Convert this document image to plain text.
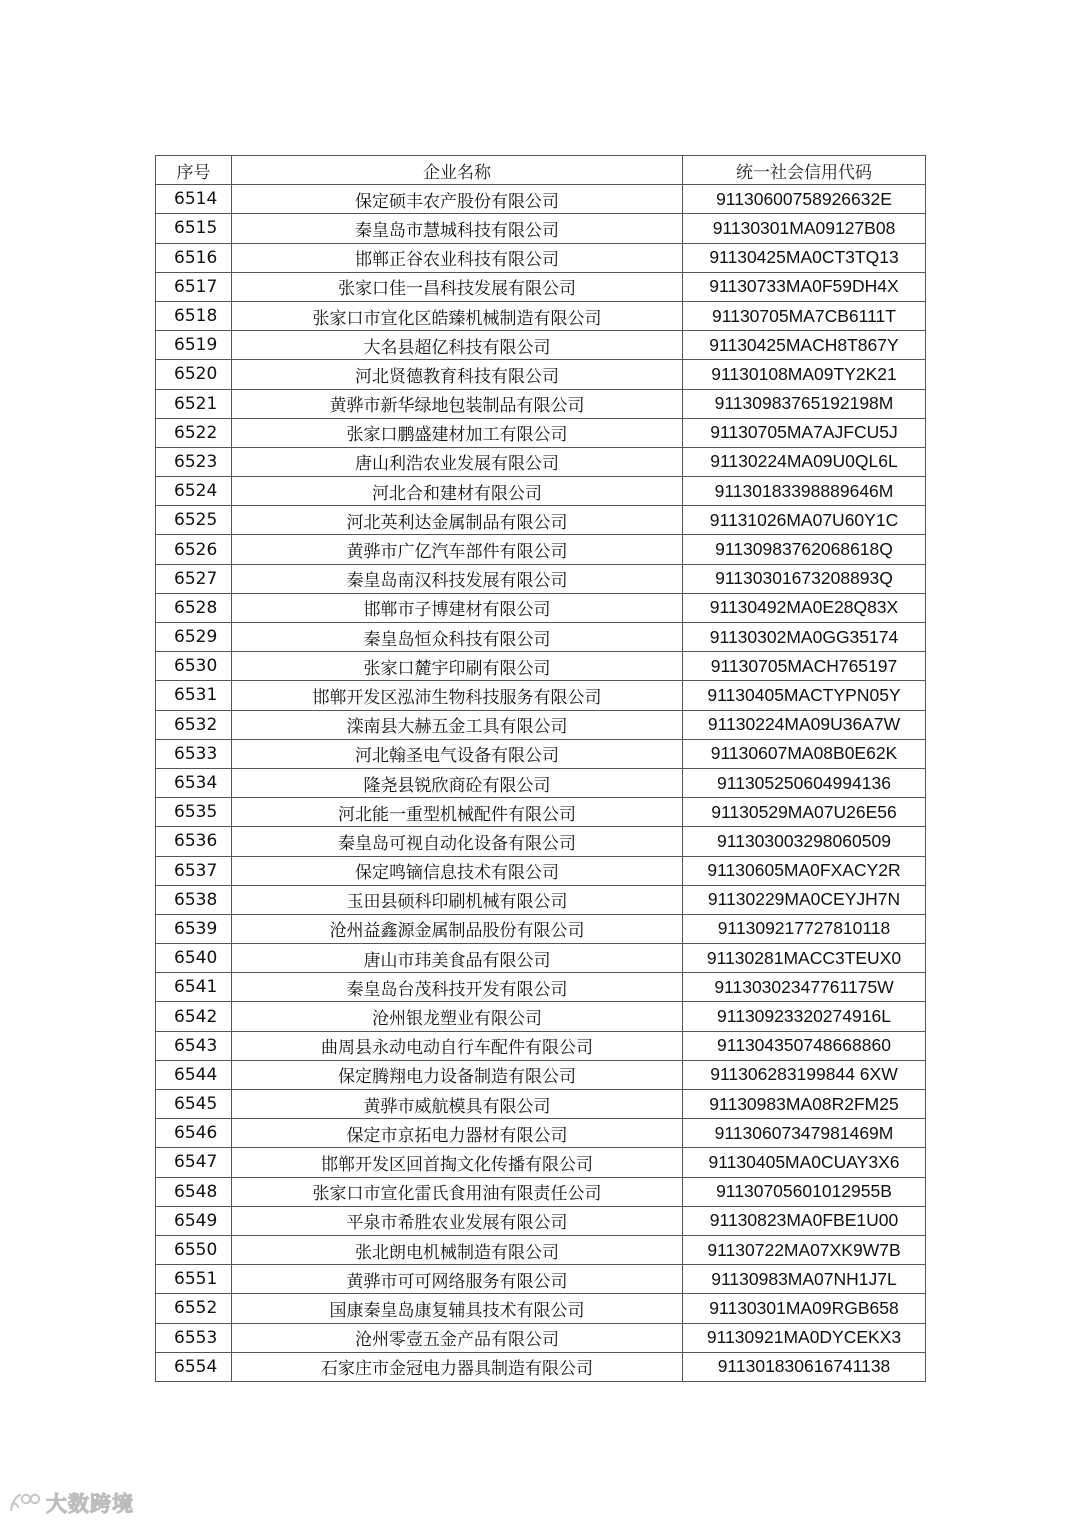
序号	企业名称	统一社会信用代码
6514	保定硕丰农产股份有限公司	91130600758926632E
6515	秦皇岛市慧城科技有限公司	91130301MA09127B08
6516	邯郸正谷农业科技有限公司	91130425MA0CT3TQ13
6517	张家口佳一昌科技发展有限公司	91130733MA0F59DH4X
6518	张家口市宣化区皓臻机械制造有限公司	91130705MA7CB6111T
6519	大名县超亿科技有限公司	91130425MACH8T867Y
6520	河北贤德教育科技有限公司	91130108MA09TY2K21
6521	黄骅市新华绿地包装制品有限公司	91130983765192198M
6522	张家口鹏盛建材加工有限公司	91130705MA7AJFCU5J
6523	唐山利浩农业发展有限公司	91130224MA09U0QL6L
6524	河北合和建材有限公司	91130183398889646M
6525	河北英利达金属制品有限公司	91131026MA07U60Y1C
6526	黄骅市广亿汽车部件有限公司	91130983762068618Q
6527	秦皇岛南汉科技发展有限公司	91130301673208893Q
6528	邯郸市子博建材有限公司	91130492MA0E28Q83X
6529	秦皇岛恒众科技有限公司	91130302MA0GG35174
6530	张家口麓宇印刷有限公司	91130705MACH765197
6531	邯郸开发区泓沛生物科技服务有限公司	91130405MACTYPN05Y
6532	滦南县大赫五金工具有限公司	91130224MA09U36A7W
6533	河北翰圣电气设备有限公司	91130607MA08B0E62K
6534	隆尧县锐欣商砼有限公司	91130525060499413‌6
6535	河北能一重型机械配件有限公司	91130529MA07U26E56
6536	秦皇岛可视自动化设备有限公司	91130300329806050‌9
6537	保定鸣镝信息技术有限公司	91130605MA0FXACY2R
6538	玉田县硕科印刷机械有限公司	91130229MA0CEYJH7N
6539	沧州益鑫源金属制品股份有限公司	911309217727810118
6540	唐山市玮美食品有限公司	91130281MACC3TEUX0
6541	秦皇岛台茂科技开发有限公司	91130302347761175W
6542	沧州银龙塑业有限公司	91130923320274916L
6543	曲周县永动电动自行车配件有限公司	911304350748668860
6544	保定腾翔电力设备制造有限公司	911306283199844 6XW
6545	黄骅市威航模具有限公司	91130983MA08R2FM25
6546	保定市京拓电力器材有限公司	91130607347981469M
6547	邯郸开发区回首掏文化传播有限公司	91130405MA0CUAY3X6
6548	张家口市宣化雷氏食用油有限责任公司	91130705601012955B
6549	平泉市希胜农业发展有限公司	91130823MA0FBE1U00
6550	张北朗电机械制造有限公司	91130722MA07XK9W7B
6551	黄骅市可可网络服务有限公司	91130983MA07NH1J7L
6552	国康秦皇岛康复辅具技术有限公司	91130301MA09RGB658
6553	沧州零壹五金产品有限公司	91130921MA0DYCEKX3
6554	石家庄市金冠电力器具制造有限公司	911301830616741138
大数跨境
